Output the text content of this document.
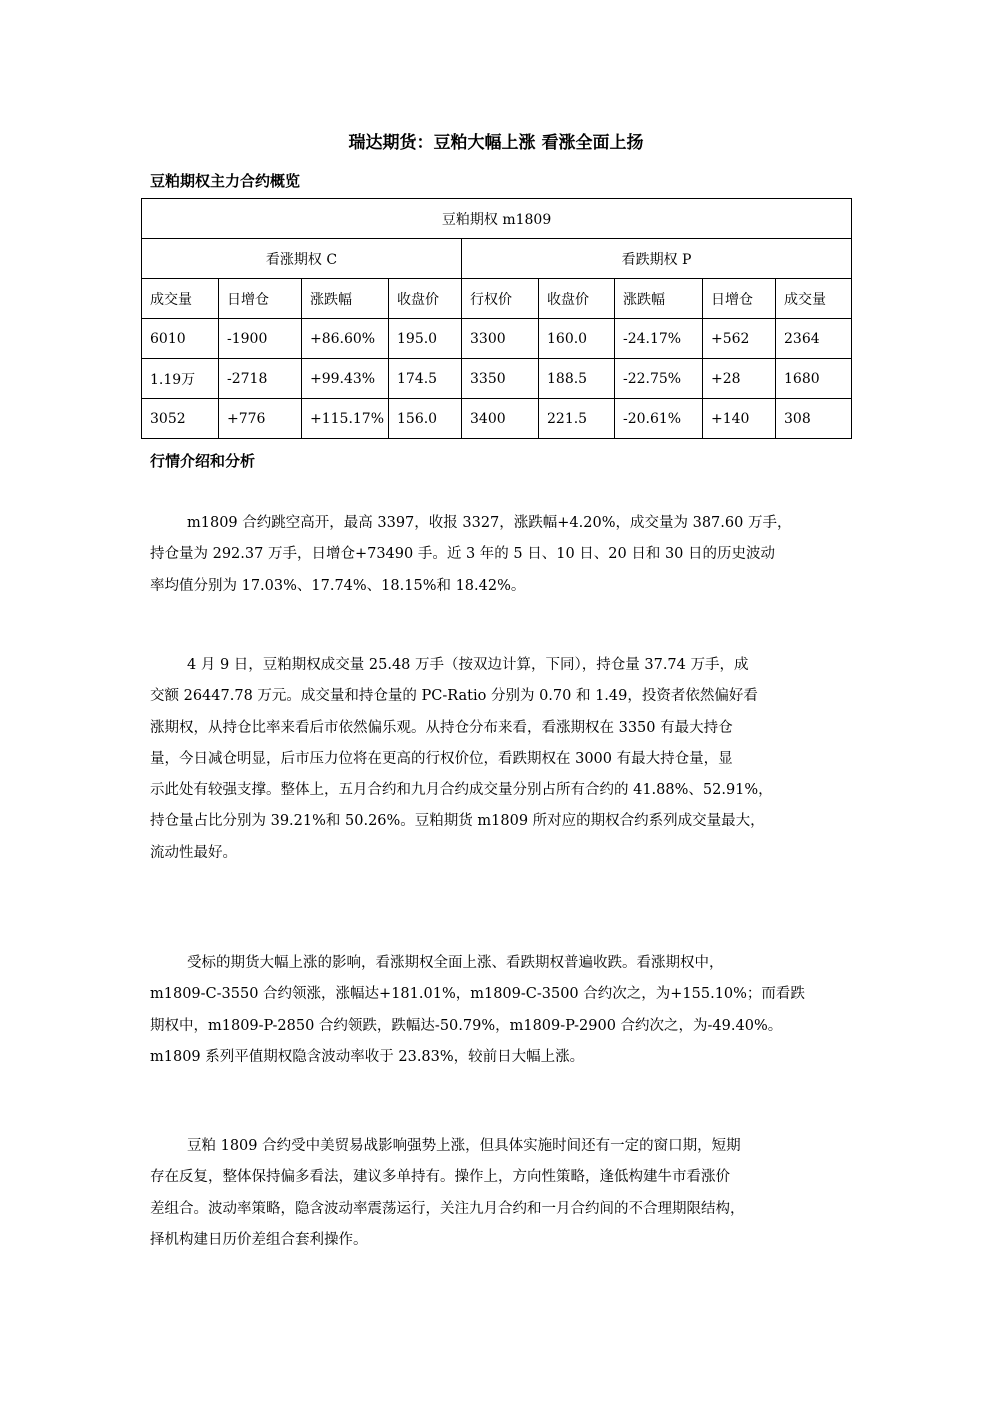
瑞达期货：豆粕大幅上涨 看涨全面上扬
豆粕期权主力合约概览
豆粕期权 m1809								
看涨期权 C				看跌期权 P				
成交量	日增仓	涨跌幅	收盘价	行权价	收盘价	涨跌幅	日增仓	成交量
6010	-1900	+86.60%	195.0	3300	160.0	-24.17%	+562	2364
1.19万	-2718	+99.43%	174.5	3350	188.5	-22.75%	+28	1680
3052	+776	+115.17%	156.0	3400	221.5	-20.61%	+140	308
行情介绍和分析
m1809 合约跳空高开，最高 3397，收报 3327，涨跌幅+4.20%，成交量为 387.60 万手，
持仓量为 292.37 万手，日增仓+73490 手。近 3 年的 5 日、10 日、20 日和 30 日的历史波动
率均值分别为 17.03%、17.74%、18.15%和 18.42%。
4 月 9 日，豆粕期权成交量 25.48 万手（按双边计算，下同），持仓量 37.74 万手，成
交额 26447.78 万元。成交量和持仓量的 PC-Ratio 分别为 0.70 和 1.49，投资者依然偏好看
涨期权，从持仓比率来看后市依然偏乐观。从持仓分布来看，看涨期权在 3350 有最大持仓
量，今日减仓明显，后市压力位将在更高的行权价位，看跌期权在 3000 有最大持仓量，显
示此处有较强支撑。整体上，五月合约和九月合约成交量分别占所有合约的 41.88%、52.91%，
持仓量占比分别为 39.21%和 50.26%。豆粕期货 m1809 所对应的期权合约系列成交量最大，
流动性最好。
受标的期货大幅上涨的影响，看涨期权全面上涨、看跌期权普遍收跌。看涨期权中，
m1809-C-3550 合约领涨，涨幅达+181.01%，m1809-C-3500 合约次之，为+155.10%；而看跌
期权中，m1809-P-2850 合约领跌，跌幅达-50.79%，m1809-P-2900 合约次之，为-49.40%。
m1809 系列平值期权隐含波动率收于 23.83%，较前日大幅上涨。
豆粕 1809 合约受中美贸易战影响强势上涨，但具体实施时间还有一定的窗口期，短期
存在反复，整体保持偏多看法，建议多单持有。操作上，方向性策略，逢低构建牛市看涨价
差组合。波动率策略，隐含波动率震荡运行，关注九月合约和一月合约间的不合理期限结构，
择机构建日历价差组合套利操作。
